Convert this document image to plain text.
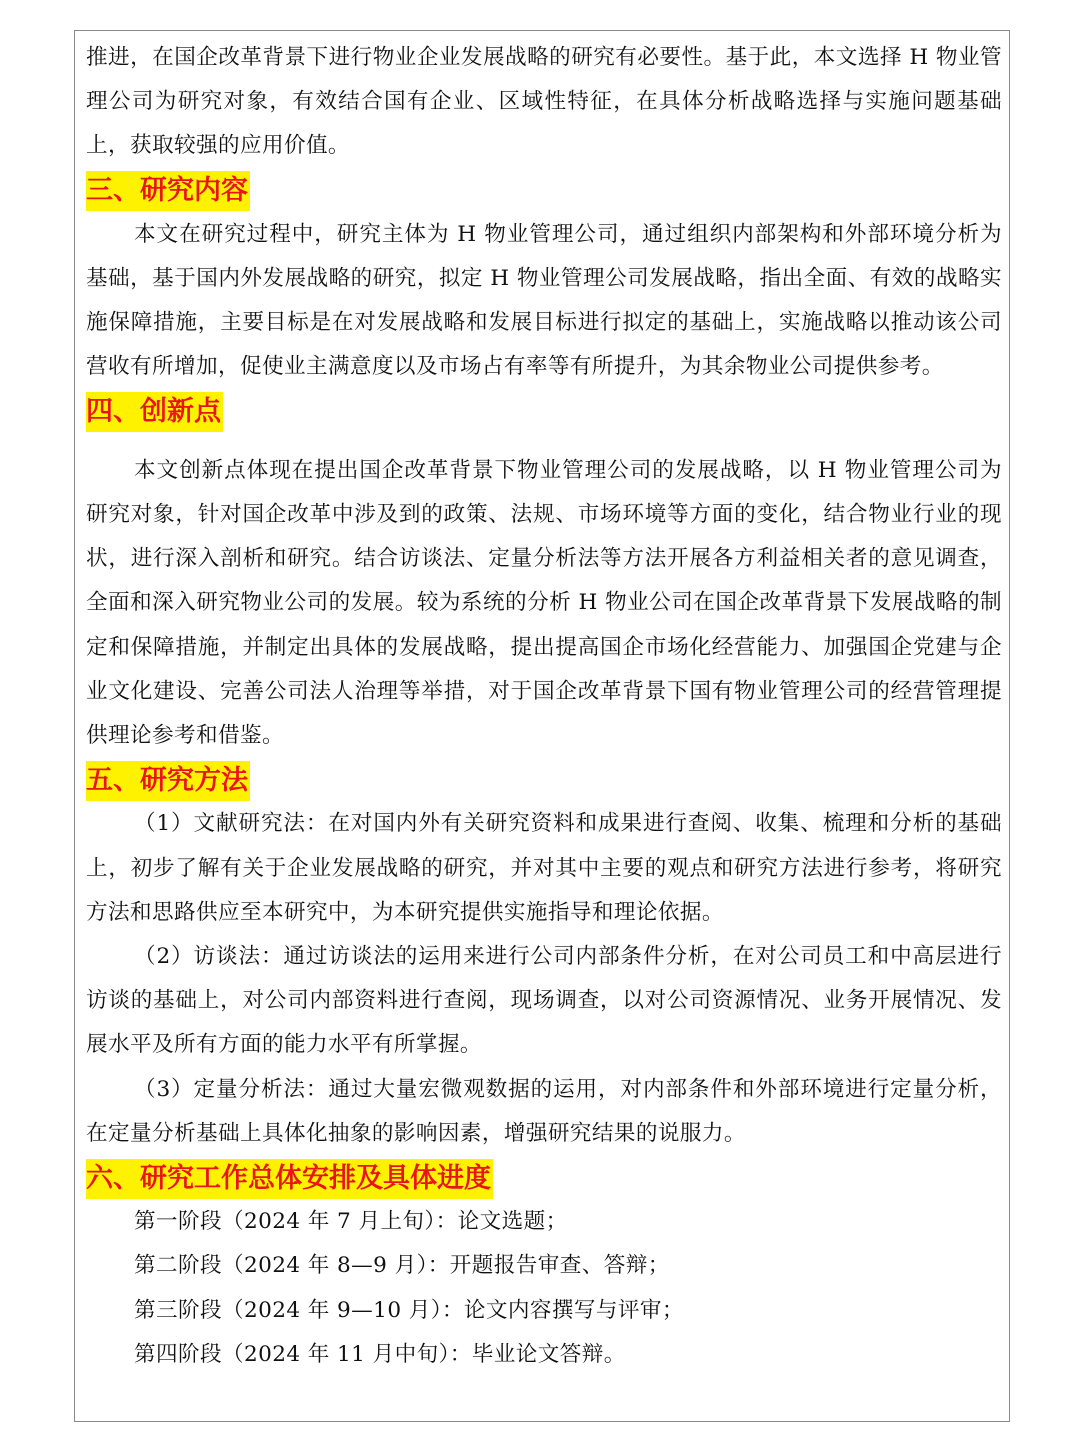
推进，在国企改革背景下进行物业企业发展战略的研究有必要性。基于此，本文选择 H 物业管理公司为研究对象，有效结合国有企业、区域性特征，在具体分析战略选择与实施问题基础上，获取较强的应用价值。

三、研究内容

本文在研究过程中，研究主体为 H 物业管理公司，通过组织内部架构和外部环境分析为基础，基于国内外发展战略的研究，拟定 H 物业管理公司发展战略，指出全面、有效的战略实施保障措施，主要目标是在对发展战略和发展目标进行拟定的基础上，实施战略以推动该公司营收有所增加，促使业主满意度以及市场占有率等有所提升，为其余物业公司提供参考。

四、创新点

本文创新点体现在提出国企改革背景下物业管理公司的发展战略，以 H 物业管理公司为研究对象，针对国企改革中涉及到的政策、法规、市场环境等方面的变化，结合物业行业的现状，进行深入剖析和研究。结合访谈法、定量分析法等方法开展各方利益相关者的意见调查，全面和深入研究物业公司的发展。较为系统的分析 H 物业公司在国企改革背景下发展战略的制定和保障措施，并制定出具体的发展战略，提出提高国企市场化经营能力、加强国企党建与企业文化建设、完善公司法人治理等举措，对于国企改革背景下国有物业管理公司的经营管理提供理论参考和借鉴。

五、研究方法

（1）文献研究法：在对国内外有关研究资料和成果进行查阅、收集、梳理和分析的基础上，初步了解有关于企业发展战略的研究，并对其中主要的观点和研究方法进行参考，将研究方法和思路供应至本研究中，为本研究提供实施指导和理论依据。

（2）访谈法：通过访谈法的运用来进行公司内部条件分析，在对公司员工和中高层进行访谈的基础上，对公司内部资料进行查阅，现场调查，以对公司资源情况、业务开展情况、发展水平及所有方面的能力水平有所掌握。

（3）定量分析法：通过大量宏微观数据的运用，对内部条件和外部环境进行定量分析，在定量分析基础上具体化抽象的影响因素，增强研究结果的说服力。

六、研究工作总体安排及具体进度

第一阶段（2024 年 7 月上旬）：论文选题；

第二阶段（2024 年 8—9 月）：开题报告审查、答辩；

第三阶段（2024 年 9—10 月）：论文内容撰写与评审；

第四阶段（2024 年 11 月中旬）：毕业论文答辩。
